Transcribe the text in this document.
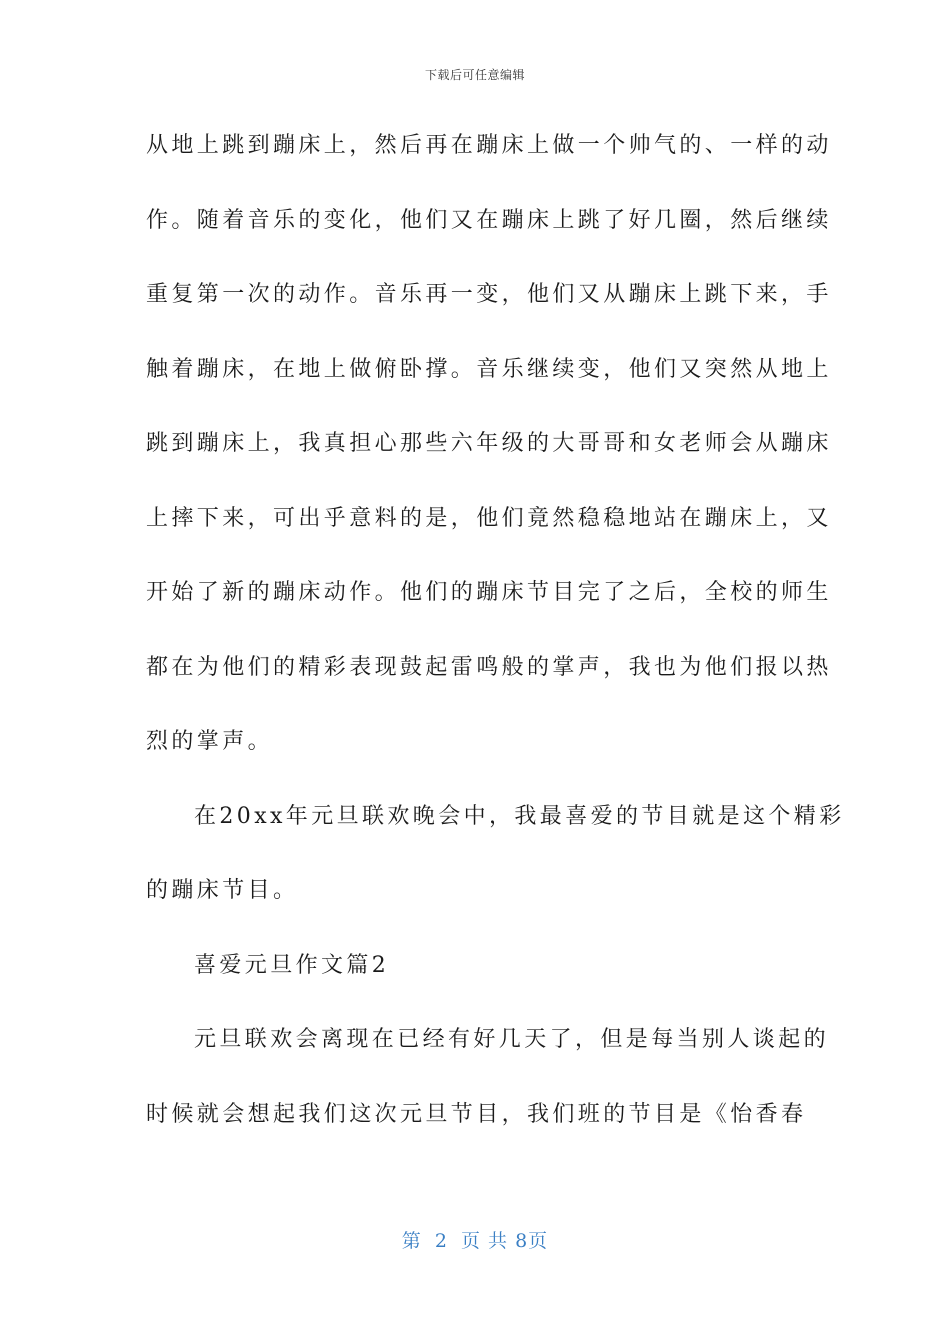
下载后可任意编辑
从地上跳到蹦床上，然后再在蹦床上做一个帅气的、一样的动
作。随着音乐的变化，他们又在蹦床上跳了好几圈，然后继续
重复第一次的动作。音乐再一变，他们又从蹦床上跳下来，手
触着蹦床，在地上做俯卧撑。音乐继续变，他们又突然从地上
跳到蹦床上，我真担心那些六年级的大哥哥和女老师会从蹦床
上摔下来，可出乎意料的是，他们竟然稳稳地站在蹦床上，又
开始了新的蹦床动作。他们的蹦床节目完了之后，全校的师生
都在为他们的精彩表现鼓起雷鸣般的掌声，我也为他们报以热
烈的掌声。
在20xx年元旦联欢晚会中，我最喜爱的节目就是这个精彩
的蹦床节目。
喜爱元旦作文篇2
元旦联欢会离现在已经有好几天了，但是每当别人谈起的
时候就会想起我们这次元旦节目，我们班的节目是《怡香春
第 2 页 共 8页
